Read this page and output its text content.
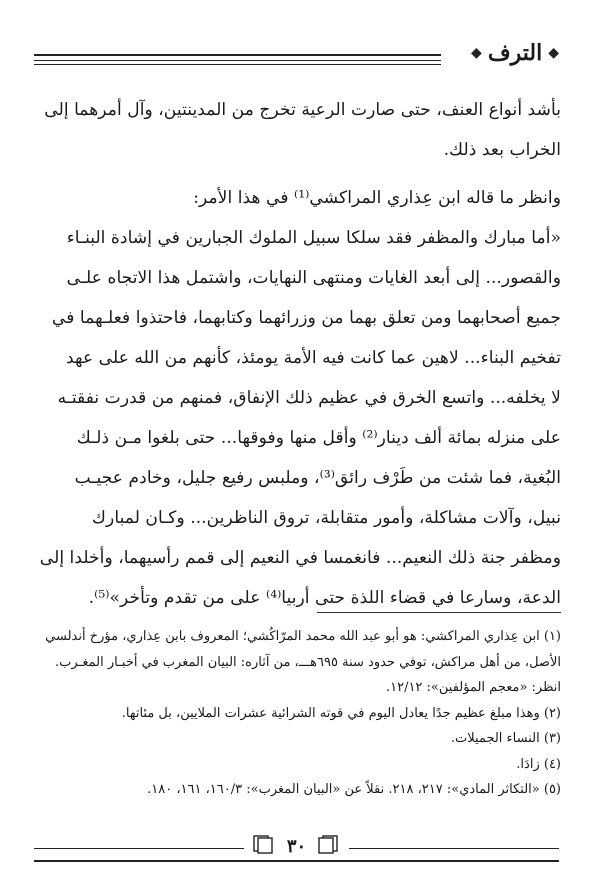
◆
الترف
◆

بأشد أنواع العنف، حتى صارت الرعية تخرج من المدينتين، وآل أمرهما إلى

الخراب بعد ذلك.

وانظر ما قاله ابن عِذاري المراكشي⁽¹⁾ في هذا الأمر:

«أما مبارك والمظفر فقد سلكا سبيل الملوك الجبارين في إشادة البنـاء

والقصور... إلى أبعد الغايات ومنتهى النهايات، واشتمل هذا الاتجاه علـى

جميع أصحابهما ومن تعلق بهما من وزرائهما وكتابهما، فاحتذوا فعلـهما في

تفخيم البناء... لاهين عما كانت فيه الأمة يومئذ، كأنهم من الله على عهد

لا يخلفه... واتسع الخرق في عظيم ذلك الإنفاق، فمنهم من قدرت نفقتـه

على منزله بمائة ألف دينار⁽²⁾ وأقل منها وفوقها... حتى بلغوا مـن ذلـك

البُغية، فما شئت من طَرْف رائق⁽³⁾، وملبس رفيع جليل، وخادم عجيـب

نبيل، وآلات مشاكلة، وأمور متقابلة، تروق الناظرين... وكـان لمبارك

ومظفر جنة ذلك النعيم... فانغمسا في النعيم إلى قمم رأسيهما، وأخلدا إلى

الدعة، وسارعا في قضاء اللذة حتى أربيا⁽⁴⁾ على من تقدم وتأخر»⁽⁵⁾.

(١) ابن عِذاري المراكشي: هو أبو عبد الله محمد المرّاكُشي؛ المعروف بابن عِذاري، مؤرخ أندلسي

الأصل، من أهل مراكش، توفي حدود سنة ٦٩٥هـــ، من آثاره: البيان المغرب في أخبـار المغـرب.

انظر: «معجم المؤلفين»: ١٢/١٢.

(٢) وهذا مبلغ عظيم جدًا يعادل اليوم في قوته الشرائية عشرات الملايين، بل مئاتها.

(٣) النساء الجميلات.

(٤) زادَا.

(٥) «التكاثر المادي»: ٢١٧، ٢١٨. نقلاً عن «البيان المغرب»: ١٦٠/٣، ١٦١، ١٨٠.

٣٠
